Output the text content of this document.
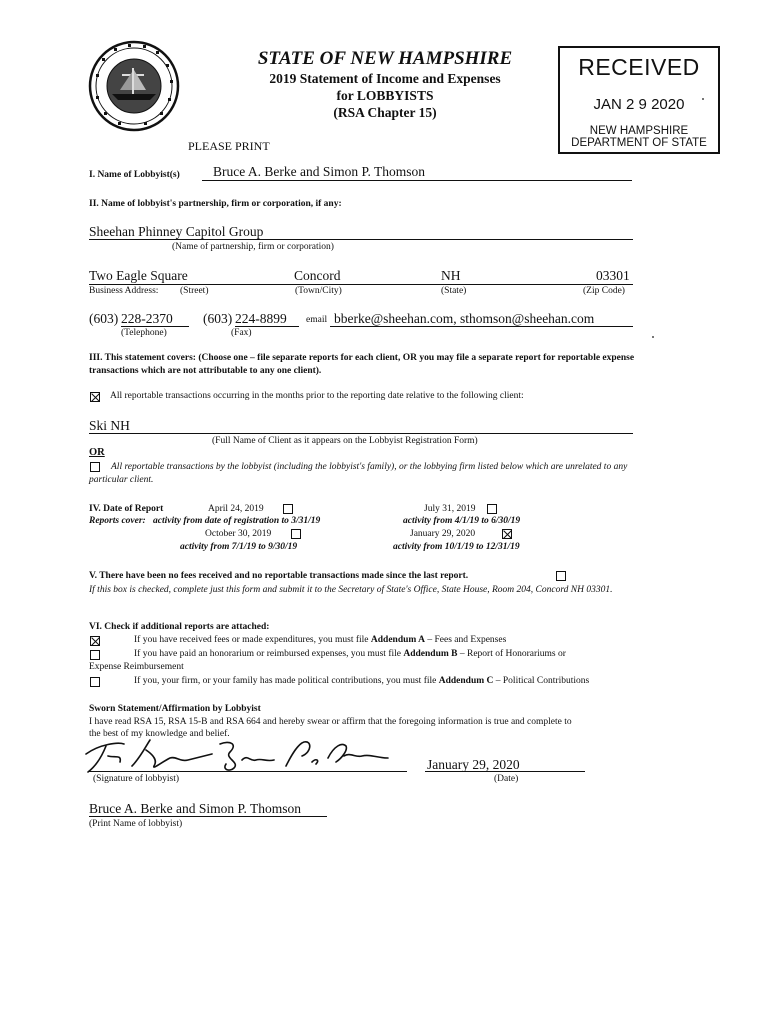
STATE OF NEW HAMPSHIRE
2019 Statement of Income and Expenses
for LOBBYISTS
(RSA Chapter 15)
PLEASE PRINT
RECEIVED
JAN 2 9 2020
NEW HAMPSHIRE
DEPARTMENT OF STATE
I. Name of Lobbyist(s) Bruce A. Berke and Simon P. Thomson
II. Name of lobbyist's partnership, firm or corporation, if any:
Sheehan Phinney Capitol Group
(Name of partnership, firm or corporation)
Two Eagle Square	Concord	NH	03301
Business Address: (Street)	(Town/City)	(State)	(Zip Code)
(603) 228-2370 (603) 224-8899 email bberke@sheehan.com, sthomson@sheehan.com
(Telephone)	(Fax)
III. This statement covers: (Choose one – file separate reports for each client, OR you may file a separate report for reportable expense transactions which are not attributable to any one client).
All reportable transactions occurring in the months prior to the reporting date relative to the following client:
Ski NH
(Full Name of Client as it appears on the Lobbyist Registration Form)
OR
All reportable transactions by the lobbyist (including the lobbyist's family), or the lobbying firm listed below which are unrelated to any particular client.
IV. Date of Report
Reports cover:
April 24, 2019
activity from date of registration to 3/31/19
July 31, 2019
activity from 4/1/19 to 6/30/19
October 30, 2019
activity from 7/1/19 to 9/30/19
January 29, 2020
activity from 10/1/19 to 12/31/19
V. There have been no fees received and no reportable transactions made since the last report.
If this box is checked, complete just this form and submit it to the Secretary of State's Office, State House, Room 204, Concord NH 03301.
VI. Check if additional reports are attached:
If you have received fees or made expenditures, you must file Addendum A – Fees and Expenses
If you have paid an honorarium or reimbursed expenses, you must file Addendum B – Report of Honorariums or
Expense Reimbursement
If you, your firm, or your family has made political contributions, you must file Addendum C – Political Contributions
Sworn Statement/Affirmation by Lobbyist
I have read RSA 15, RSA 15-B and RSA 664 and hereby swear or affirm that the foregoing information is true and complete to
the best of my knowledge and belief.
(Signature of lobbyist)
January 29, 2020
(Date)
Bruce A. Berke and Simon P. Thomson
(Print Name of lobbyist)
